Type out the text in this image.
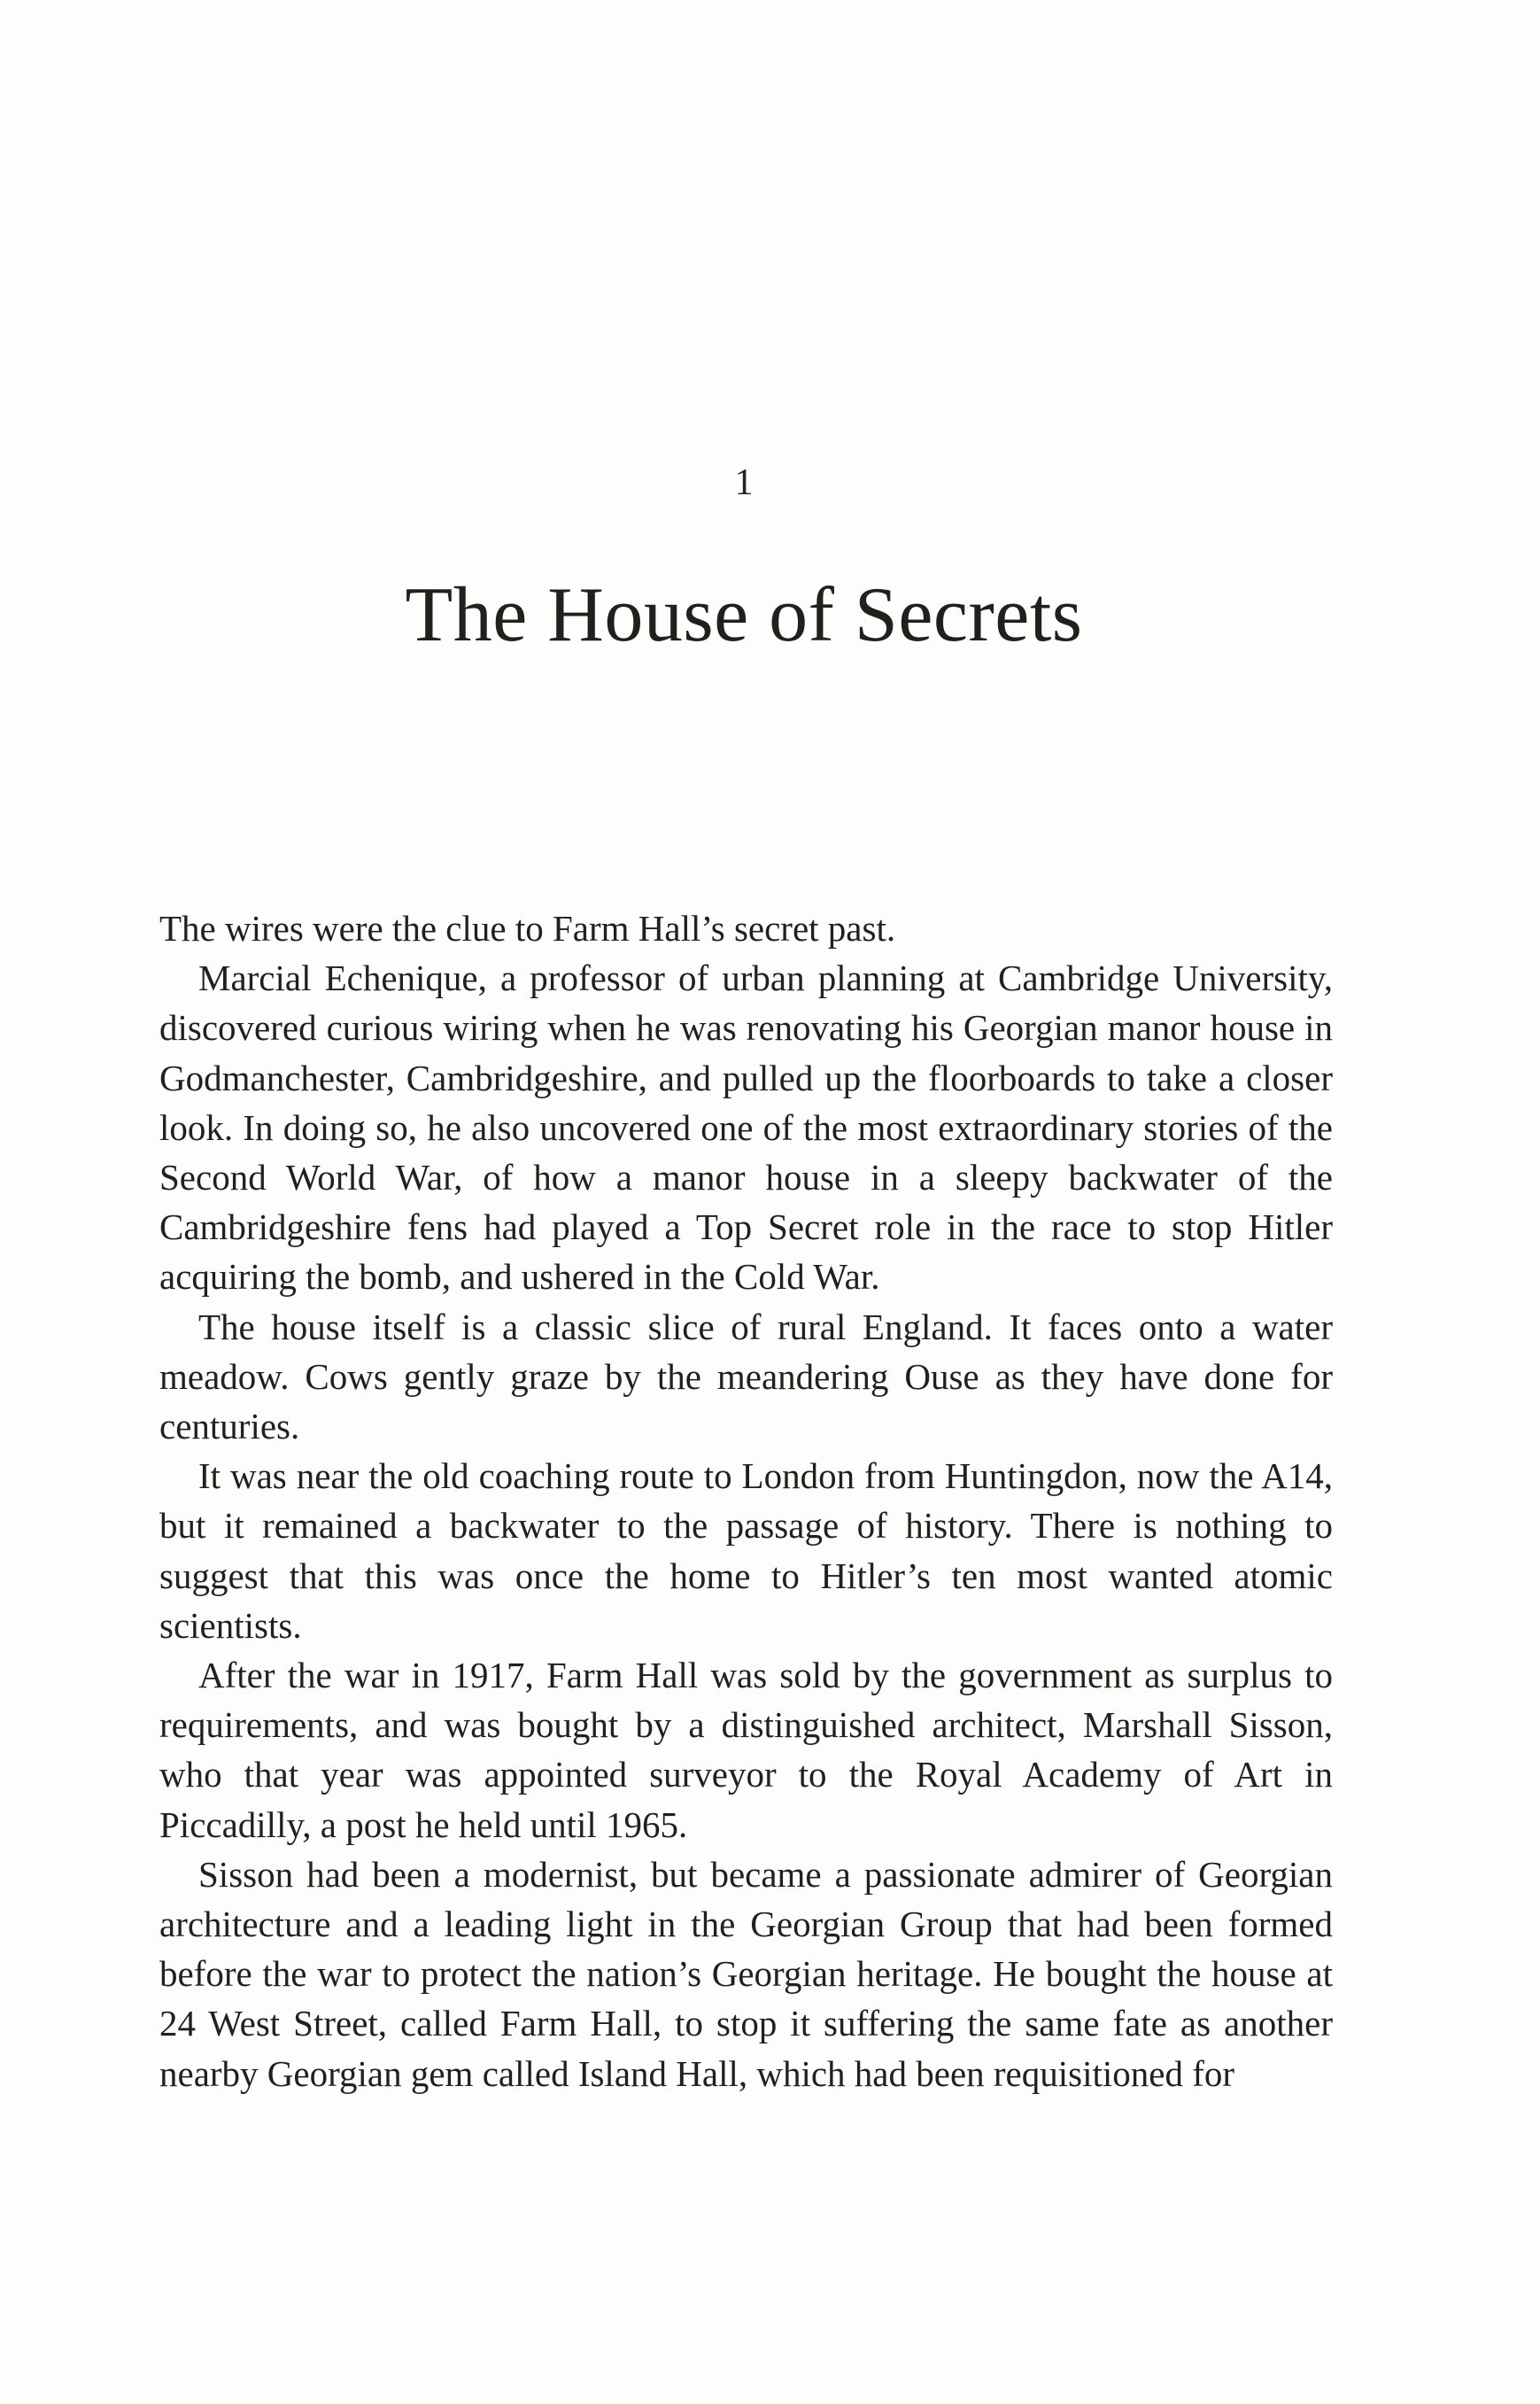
1
The House of Secrets

The wires were the clue to Farm Hall’s secret past.

Marcial Echenique, a professor of urban planning at Cambridge University, discovered curious wiring when he was renovating his Georgian manor house in Godmanchester, Cambridgeshire, and pulled up the floorboards to take a closer look. In doing so, he also uncovered one of the most extraordinary stories of the Second World War, of how a manor house in a sleepy backwater of the Cambridgeshire fens had played a Top Secret role in the race to stop Hitler acquiring the bomb, and ushered in the Cold War.

The house itself is a classic slice of rural England. It faces onto a water meadow. Cows gently graze by the meandering Ouse as they have done for centuries.

It was near the old coaching route to London from Huntingdon, now the A14, but it remained a backwater to the passage of history. There is nothing to suggest that this was once the home to Hitler’s ten most wanted atomic scientists.

After the war in 1917, Farm Hall was sold by the government as surplus to requirements, and was bought by a distinguished architect, Marshall Sisson, who that year was appointed surveyor to the Royal Academy of Art in Piccadilly, a post he held until 1965.

Sisson had been a modernist, but became a passionate admirer of Georgian architecture and a leading light in the Georgian Group that had been formed before the war to protect the nation’s Georgian heritage. He bought the house at 24 West Street, called Farm Hall, to stop it suffering the same fate as another nearby Georgian gem called Island Hall, which had been requisitioned for
